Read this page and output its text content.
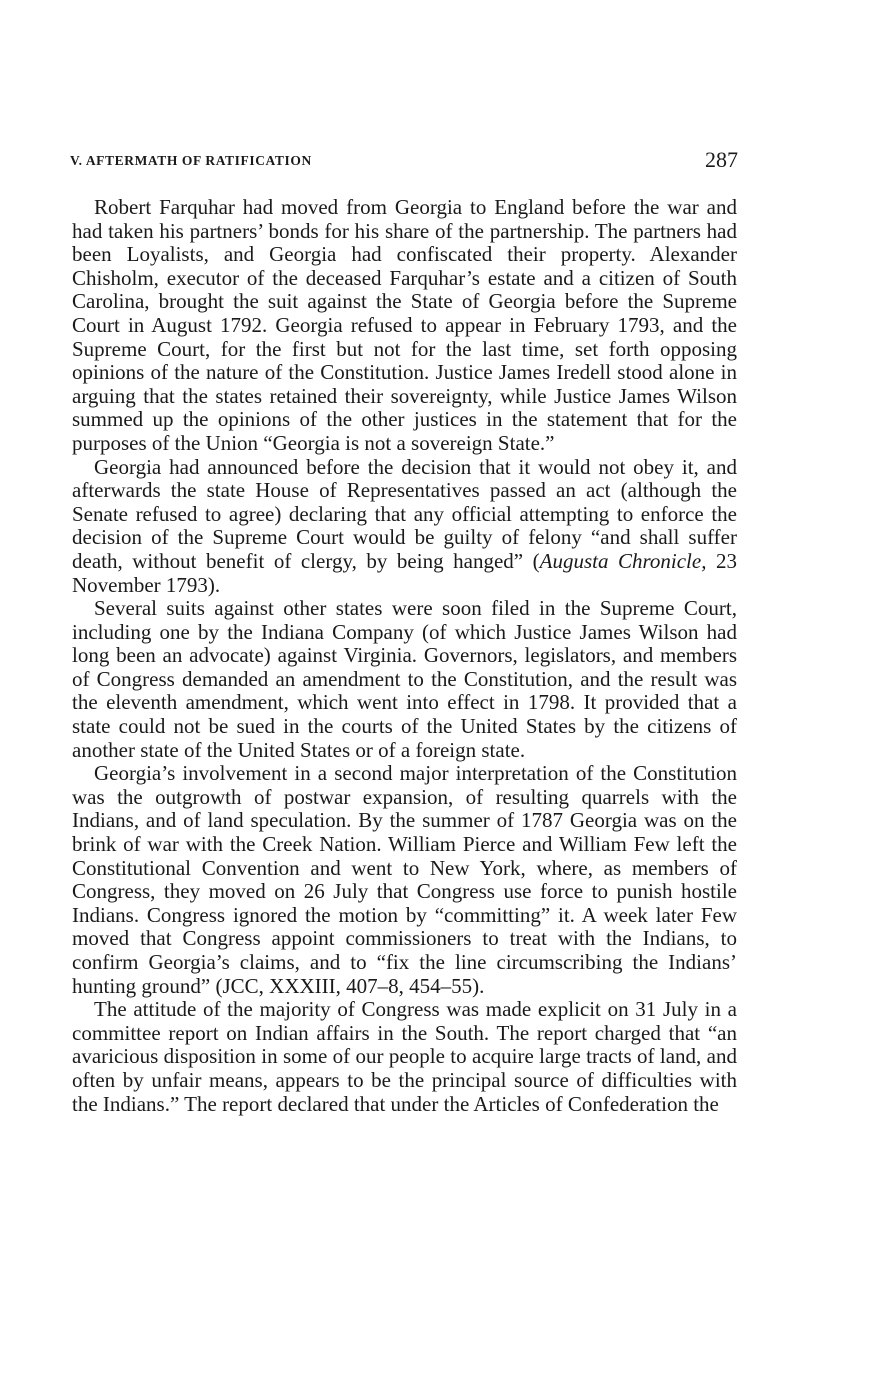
V. AFTERMATH OF RATIFICATION	287

Robert Farquhar had moved from Georgia to England before the war and had taken his partners’ bonds for his share of the partnership. The partners had been Loyalists, and Georgia had confiscated their property. Alexander Chisholm, executor of the deceased Farquhar’s estate and a citizen of South Carolina, brought the suit against the State of Georgia before the Supreme Court in August 1792. Georgia refused to appear in February 1793, and the Supreme Court, for the first but not for the last time, set forth opposing opinions of the nature of the Constitution. Justice James Iredell stood alone in arguing that the states retained their sovereignty, while Justice James Wilson summed up the opinions of the other justices in the statement that for the purposes of the Union “Georgia is not a sovereign State.”

Georgia had announced before the decision that it would not obey it, and afterwards the state House of Representatives passed an act (although the Senate refused to agree) declaring that any official attempting to enforce the decision of the Supreme Court would be guilty of felony “and shall suffer death, without benefit of clergy, by being hanged” (Augusta Chronicle, 23 November 1793).

Several suits against other states were soon filed in the Supreme Court, including one by the Indiana Company (of which Justice James Wilson had long been an advocate) against Virginia. Governors, legislators, and members of Congress demanded an amendment to the Constitution, and the result was the eleventh amendment, which went into effect in 1798. It provided that a state could not be sued in the courts of the United States by the citizens of another state of the United States or of a foreign state.

Georgia’s involvement in a second major interpretation of the Constitution was the outgrowth of postwar expansion, of resulting quarrels with the Indians, and of land speculation. By the summer of 1787 Georgia was on the brink of war with the Creek Nation. William Pierce and William Few left the Constitutional Convention and went to New York, where, as members of Congress, they moved on 26 July that Congress use force to punish hostile Indians. Congress ignored the motion by “committing” it. A week later Few moved that Congress appoint commissioners to treat with the Indians, to confirm Georgia’s claims, and to “fix the line circumscribing the Indians’ hunting ground” (JCC, XXXIII, 407–8, 454–55).

The attitude of the majority of Congress was made explicit on 31 July in a committee report on Indian affairs in the South. The report charged that “an avaricious disposition in some of our people to acquire large tracts of land, and often by unfair means, appears to be the principal source of difficulties with the Indians.” The report declared that under the Articles of Confederation the
